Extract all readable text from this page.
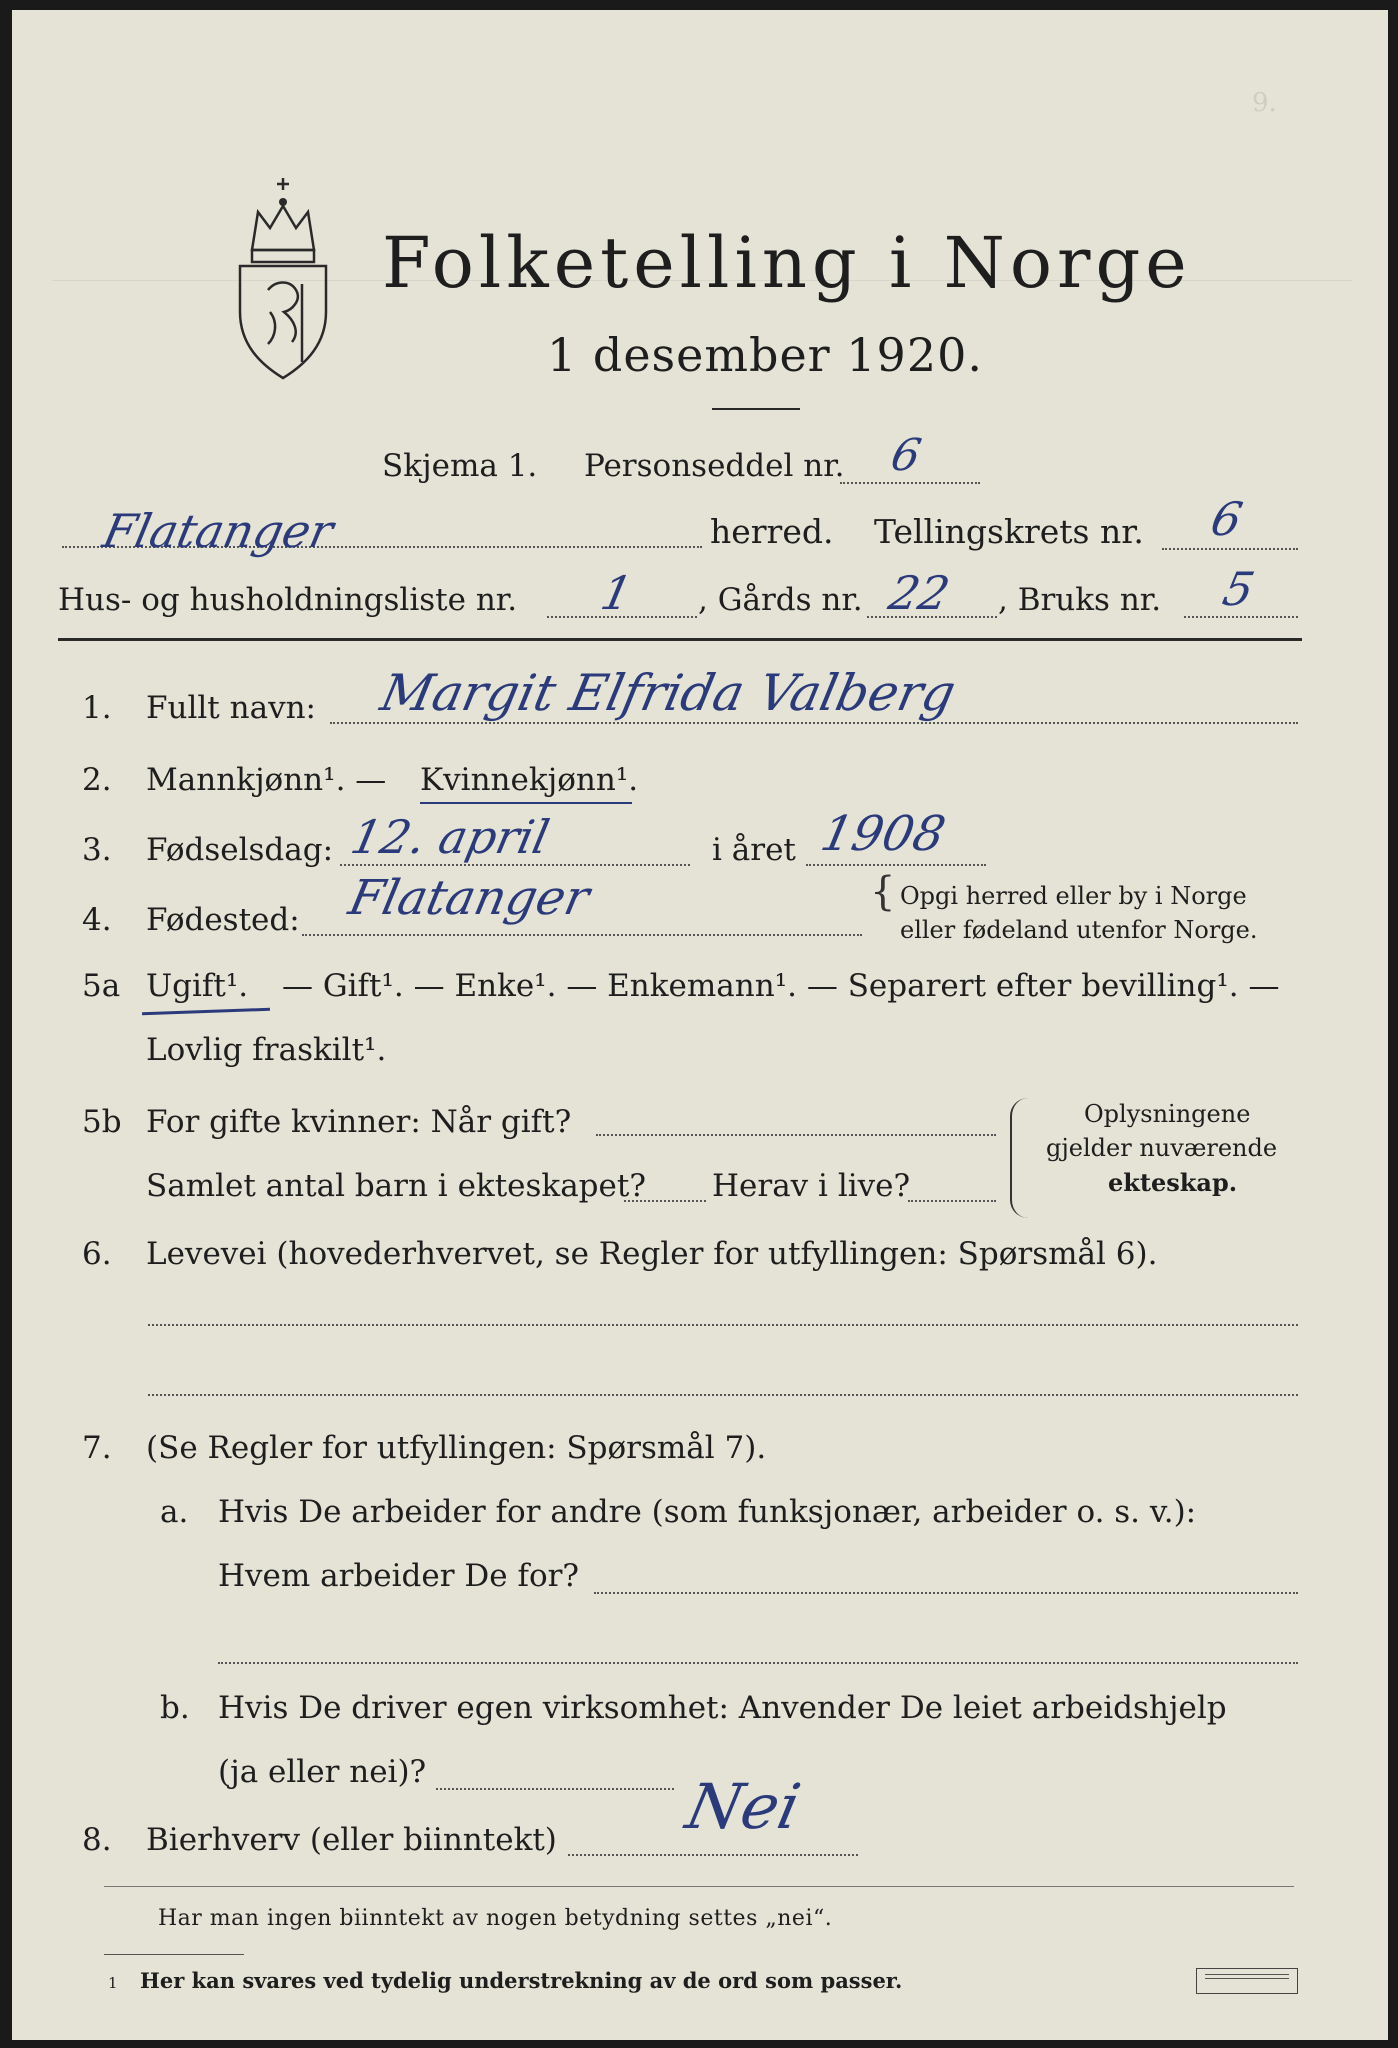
9.
Folketelling i Norge
1 desember 1920.
Skjema 1. Personseddel nr. 6
Flatanger	herred. Tellingskrets nr. 6
Hus- og husholdningsliste nr. 1 , Gårds nr. 22 , Bruks nr. 5
1. Fullt navn: Margit Elfrida Valberg
2. Mannkjønn¹. — Kvinnekjønn¹.
3. Fødselsdag: 12. april	i året 1908
4. Fødested: Flatanger	{ Opgi herred eller by i Norge
eller fødeland utenfor Norge.
5a Ugift¹. — Gift¹. — Enke¹. — Enkemann¹. — Separert efter bevilling¹. —
Lovlig fraskilt¹.
5b For gifte kvinner: Når gift?
Samlet antal barn i ekteskapet? Herav i live?
Oplysningene
gjelder nuværende
ekteskap.
6. Levevei (hovederhvervet, se Regler for utfyllingen: Spørsmål 6).
7. (Se Regler for utfyllingen: Spørsmål 7).
a. Hvis De arbeider for andre (som funksjonær, arbeider o. s. v.):
Hvem arbeider De for?
b. Hvis De driver egen virksomhet: Anvender De leiet arbeidshjelp
(ja eller nei)?
8. Bierhverv (eller biinntekt) Nei
Har man ingen biinntekt av nogen betydning settes „nei“.
1 Her kan svares ved tydelig understrekning av de ord som passer.
